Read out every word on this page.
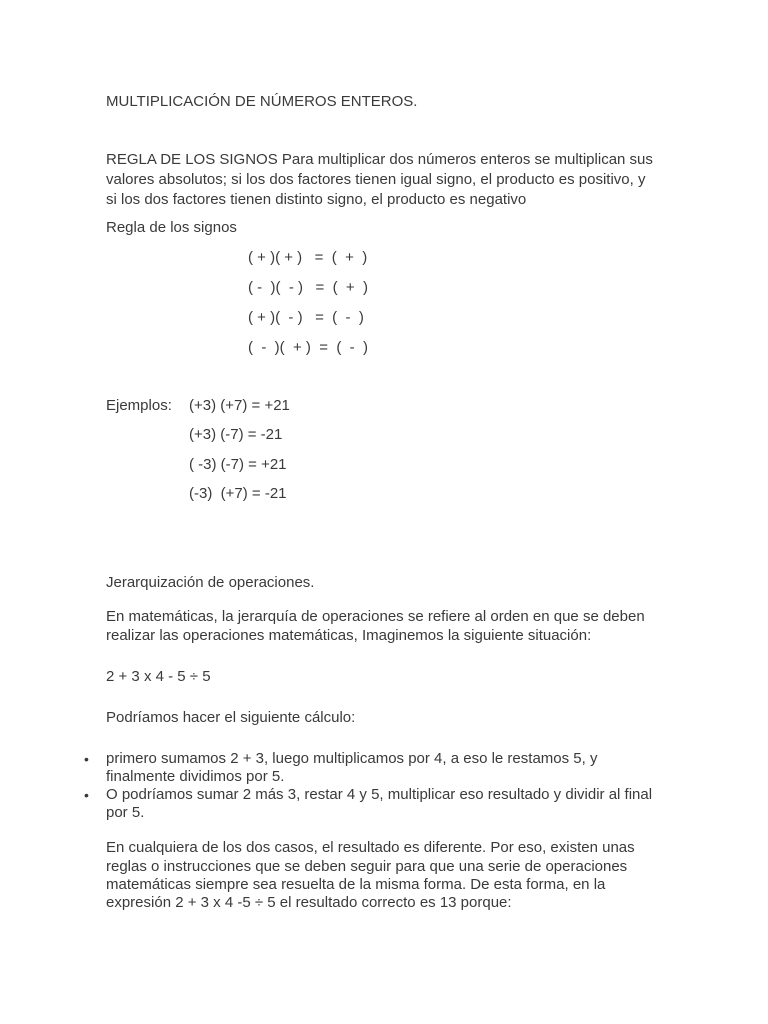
MULTIPLICACIÓN DE NÚMEROS ENTEROS.
REGLA DE LOS SIGNOS Para multiplicar dos números enteros se multiplican sus
valores absolutos; si los dos factores tienen igual signo, el producto es positivo, y
si los dos factores tienen distinto signo, el producto es negativo
Regla de los signos
( + )( + )   =  (  +  )
( -  )(  - )   =  (  +  )
( + )(  - )   =  (  -  )
(  -  )(  + )  =  (  -  )
Ejemplos: (+3) (+7) = +21
(+3) (-7) = -21
( -3) (-7) = +21
(-3)  (+7) = -21
Jerarquización de operaciones.
En matemáticas, la jerarquía de operaciones se refiere al orden en que se deben
realizar las operaciones matemáticas, Imaginemos la siguiente situación:
2 + 3 x 4 - 5 ÷ 5
Podríamos hacer el siguiente cálculo:
• primero sumamos 2 + 3, luego multiplicamos por 4, a eso le restamos 5, y
finalmente dividimos por 5.
• O podríamos sumar 2 más 3, restar 4 y 5, multiplicar eso resultado y dividir al final
por 5.
En cualquiera de los dos casos, el resultado es diferente. Por eso, existen unas
reglas o instrucciones que se deben seguir para que una serie de operaciones
matemáticas siempre sea resuelta de la misma forma. De esta forma, en la
expresión 2 + 3 x 4 -5 ÷ 5 el resultado correcto es 13 porque:
